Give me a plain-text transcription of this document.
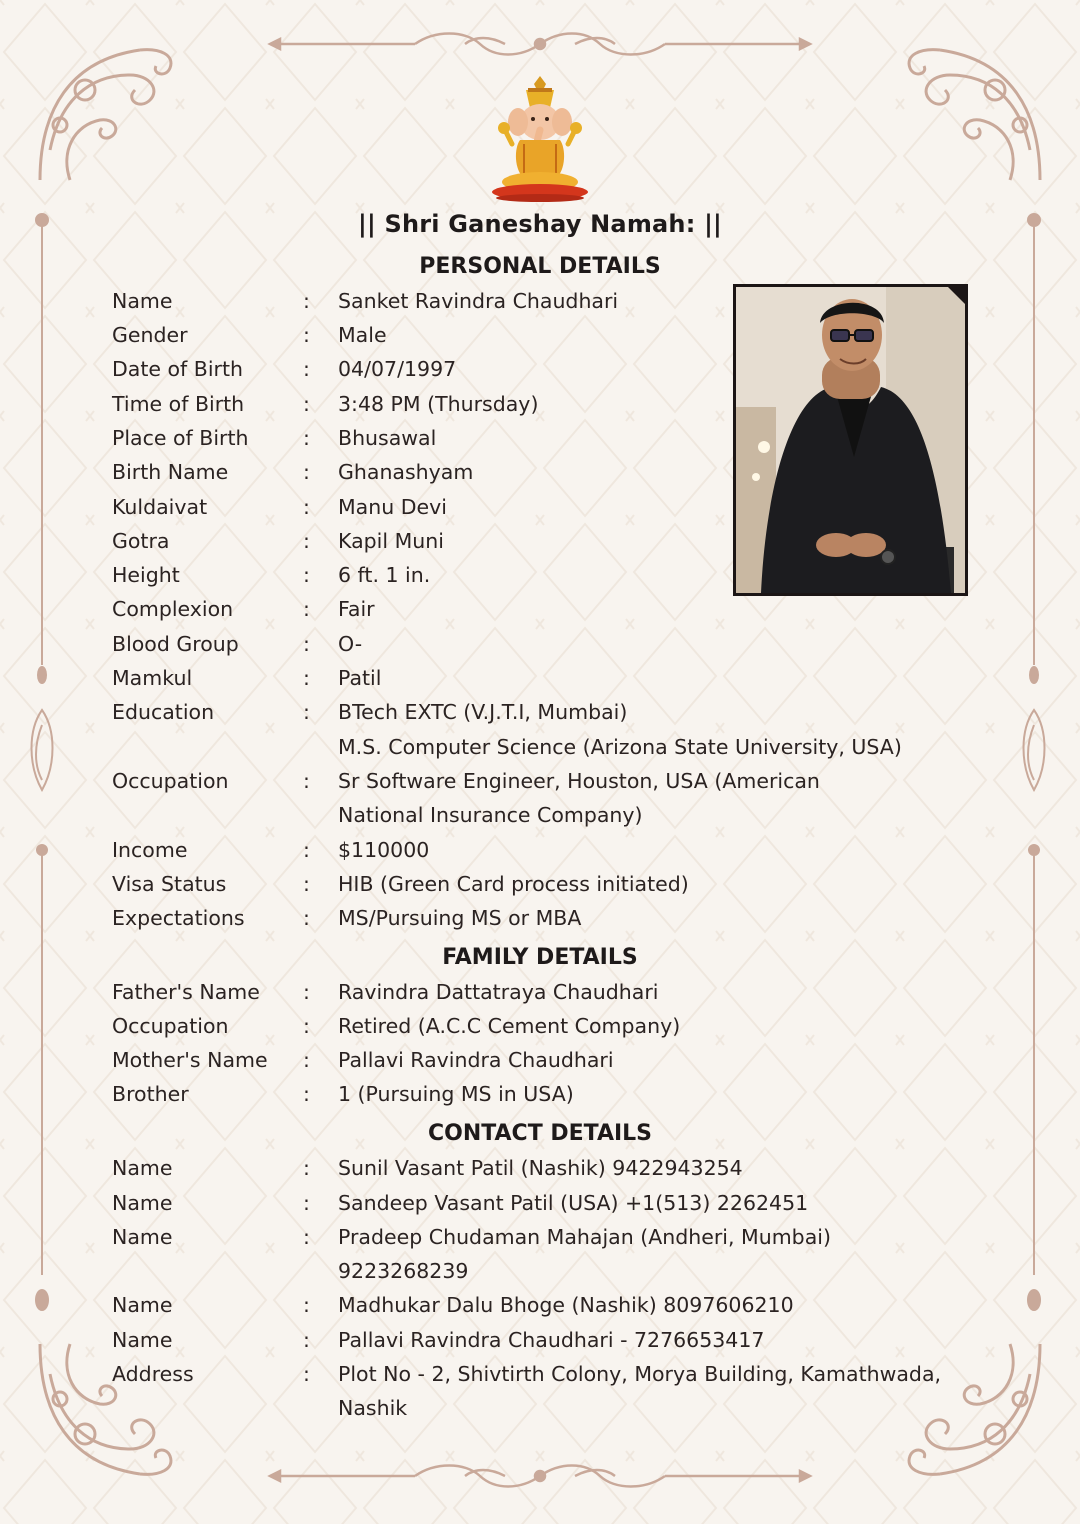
|| Shri Ganeshay Namah: ||
PERSONAL DETAILS
Name	: Sanket Ravindra Chaudhari
Gender	: Male
Date of Birth	: 04/07/1997
Time of Birth	: 3:48 PM (Thursday)
Place of Birth	: Bhusawal
Birth Name	: Ghanashyam
Kuldaivat	: Manu Devi
Gotra	: Kapil Muni
Height	: 6 ft. 1 in.
Complexion	: Fair
Blood Group	: O-
Mamkul	: Patil
Education	: BTech EXTC (V.J.T.I, Mumbai)
M.S. Computer Science (Arizona State University, USA)
Occupation	: Sr Software Engineer, Houston, USA (American
National Insurance Company)
Income	: $110000
Visa Status	: HIB (Green Card process initiated)
Expectations	: MS/Pursuing MS or MBA
FAMILY DETAILS
Father's Name : Ravindra Dattatraya Chaudhari
Occupation	: Retired (A.C.C Cement Company)
Mother's Name : Pallavi Ravindra Chaudhari
Brother	: 1 (Pursuing MS in USA)
CONTACT DETAILS
Name	: Sunil Vasant Patil (Nashik) 9422943254
Name	: Sandeep Vasant Patil (USA) +1(513) 2262451
Name	: Pradeep Chudaman Mahajan (Andheri, Mumbai)
9223268239
Name	: Madhukar Dalu Bhoge (Nashik) 8097606210
Name	: Pallavi Ravindra Chaudhari - 7276653417
Address	: Plot No - 2, Shivtirth Colony, Morya Building, Kamathwada,
Nashik
